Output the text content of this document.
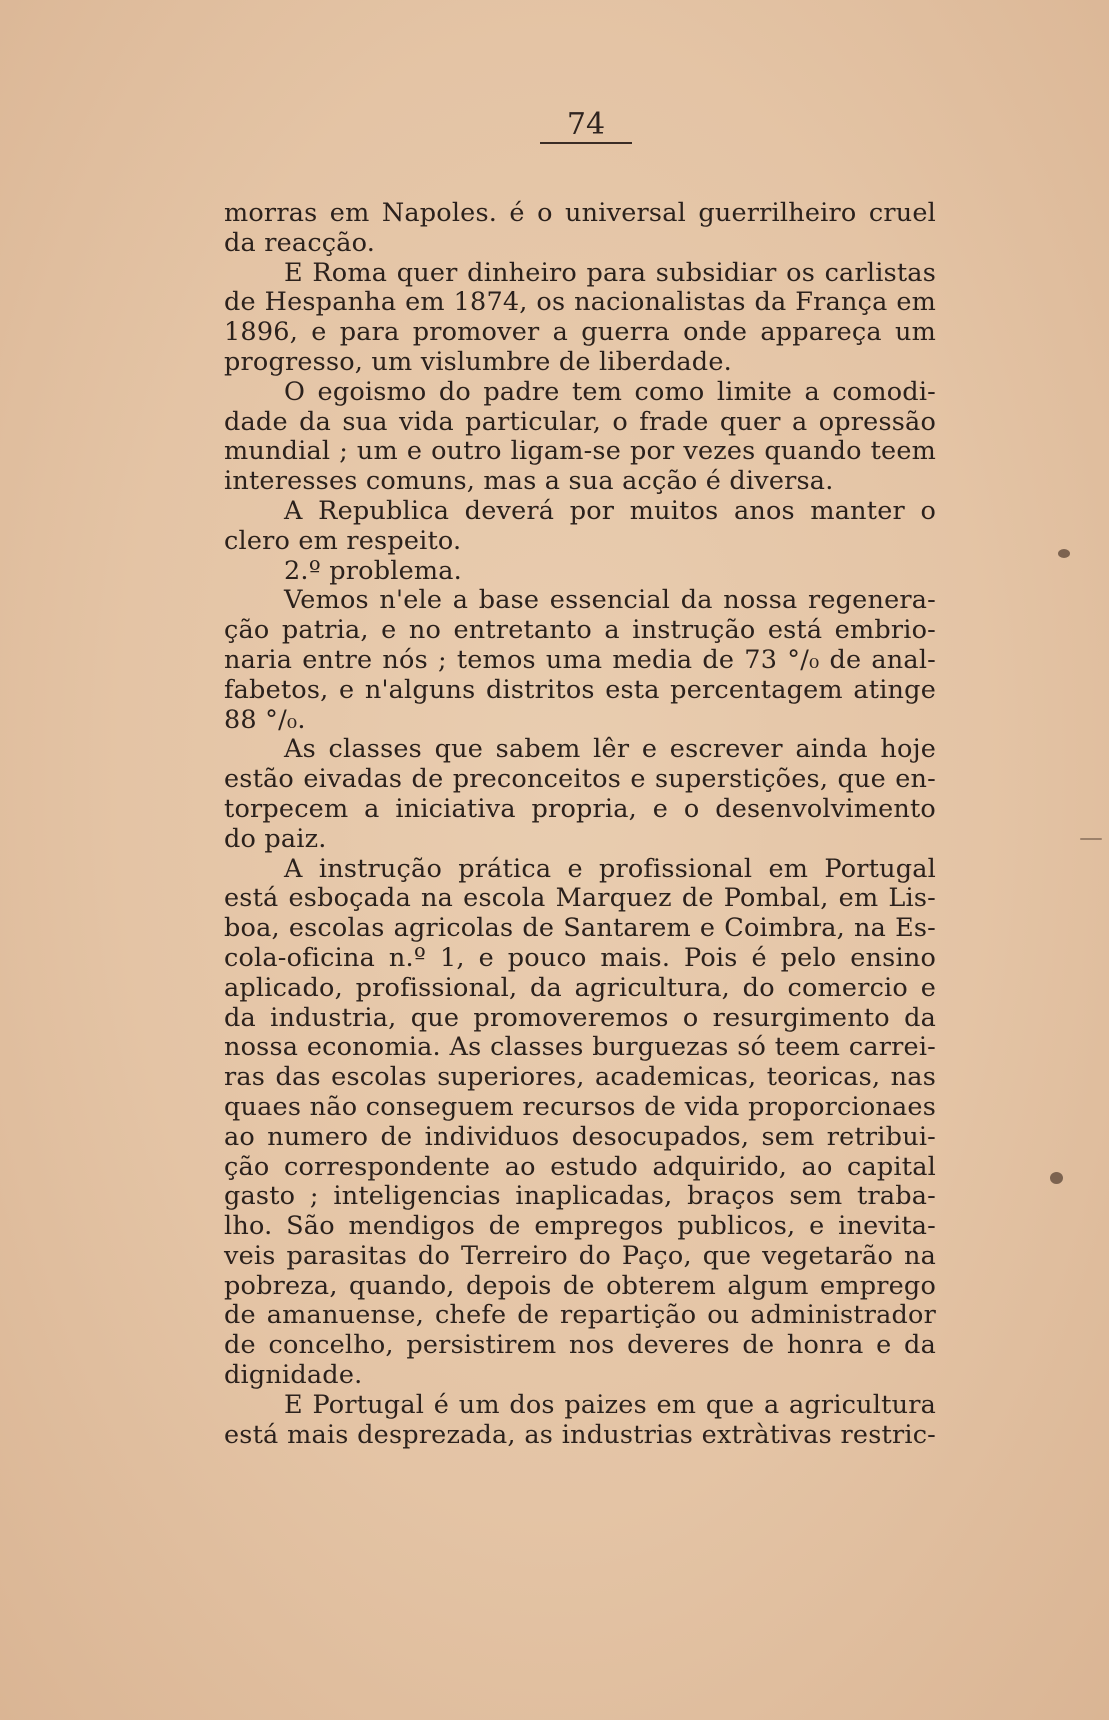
74
morras em Napoles. é o universal guerrilheiro cruel
da reacção.
E Roma quer dinheiro para subsidiar os carlistas
de Hespanha em 1874, os nacionalistas da França em
1896, e para promover a guerra onde appareça um
progresso, um vislumbre de liberdade.
O egoismo do padre tem como limite a comodi-
dade da sua vida particular, o frade quer a opressão
mundial ; um e outro ligam-se por vezes quando teem
interesses comuns, mas a sua acção é diversa.
A Republica deverá por muitos anos manter o
clero em respeito.
2.º problema.
Vemos n'ele a base essencial da nossa regenera-
ção patria, e no entretanto a instrução está embrio-
naria entre nós ; temos uma media de 73 °/₀ de anal-
fabetos, e n'alguns distritos esta percentagem atinge
88 °/₀.
As classes que sabem lêr e escrever ainda hoje
estão eivadas de preconceitos e superstições, que en-
torpecem a iniciativa propria, e o desenvolvimento
do paiz.
A instrução prática e profissional em Portugal
está esboçada na escola Marquez de Pombal, em Lis-
boa, escolas agricolas de Santarem e Coimbra, na Es-
cola-oficina n.º 1, e pouco mais. Pois é pelo ensino
aplicado, profissional, da agricultura, do comercio e
da industria, que promoveremos o resurgimento da
nossa economia. As classes burguezas só teem carrei-
ras das escolas superiores, academicas, teoricas, nas
quaes não conseguem recursos de vida proporcionaes
ao numero de individuos desocupados, sem retribui-
ção correspondente ao estudo adquirido, ao capital
gasto ; inteligencias inaplicadas, braços sem traba-
lho. São mendigos de empregos publicos, e inevita-
veis parasitas do Terreiro do Paço, que vegetarão na
pobreza, quando, depois de obterem algum emprego
de amanuense, chefe de repartição ou administrador
de concelho, persistirem nos deveres de honra e da
dignidade.
E Portugal é um dos paizes em que a agricultura
está mais desprezada, as industrias extràtivas restric-
